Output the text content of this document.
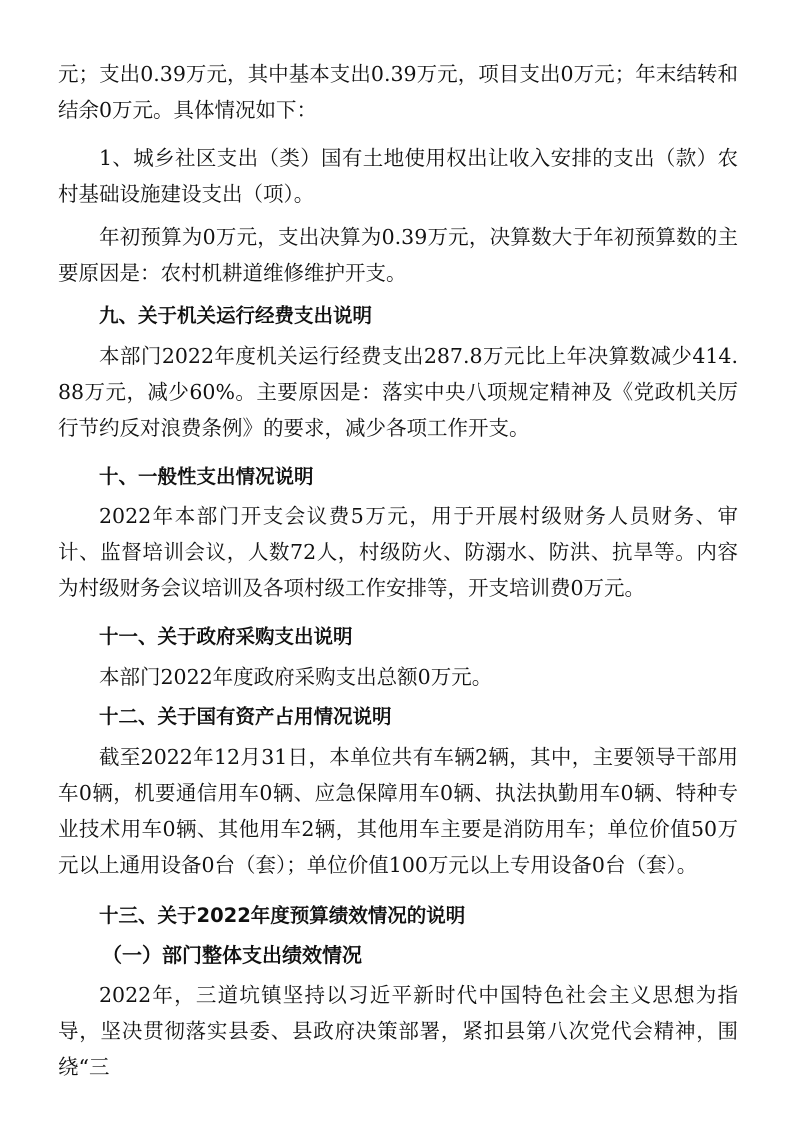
元；支出0.39万元，其中基本支出0.39万元，项目支出0万元；年末结转和结余0万元。具体情况如下：

1、城乡社区支出（类）国有土地使用权出让收入安排的支出（款）农村基础设施建设支出（项）。

年初预算为0万元，支出决算为0.39万元，决算数大于年初预算数的主要原因是：农村机耕道维修维护开支。

九、关于机关运行经费支出说明

本部门2022年度机关运行经费支出287.8万元比上年决算数减少414.88万元，减少60%。主要原因是：落实中央八项规定精神及《党政机关厉行节约反对浪费条例》的要求，减少各项工作开支。

十、一般性支出情况说明

2022年本部门开支会议费5万元，用于开展村级财务人员财务、审计、监督培训会议，人数72人，村级防火、防溺水、防洪、抗旱等。内容为村级财务会议培训及各项村级工作安排等，开支培训费0万元。

十一、关于政府采购支出说明

本部门2022年度政府采购支出总额0万元。

十二、关于国有资产占用情况说明

截至2022年12月31日，本单位共有车辆2辆，其中，主要领导干部用车0辆，机要通信用车0辆、应急保障用车0辆、执法执勤用车0辆、特种专业技术用车0辆、其他用车2辆，其他用车主要是消防用车；单位价值50万元以上通用设备0台（套）；单位价值100万元以上专用设备0台（套）。

十三、关于2022年度预算绩效情况的说明

（一）部门整体支出绩效情况

2022年，三道坑镇坚持以习近平新时代中国特色社会主义思想为指导，坚决贯彻落实县委、县政府决策部署，紧扣县第八次党代会精神，围绕“三
